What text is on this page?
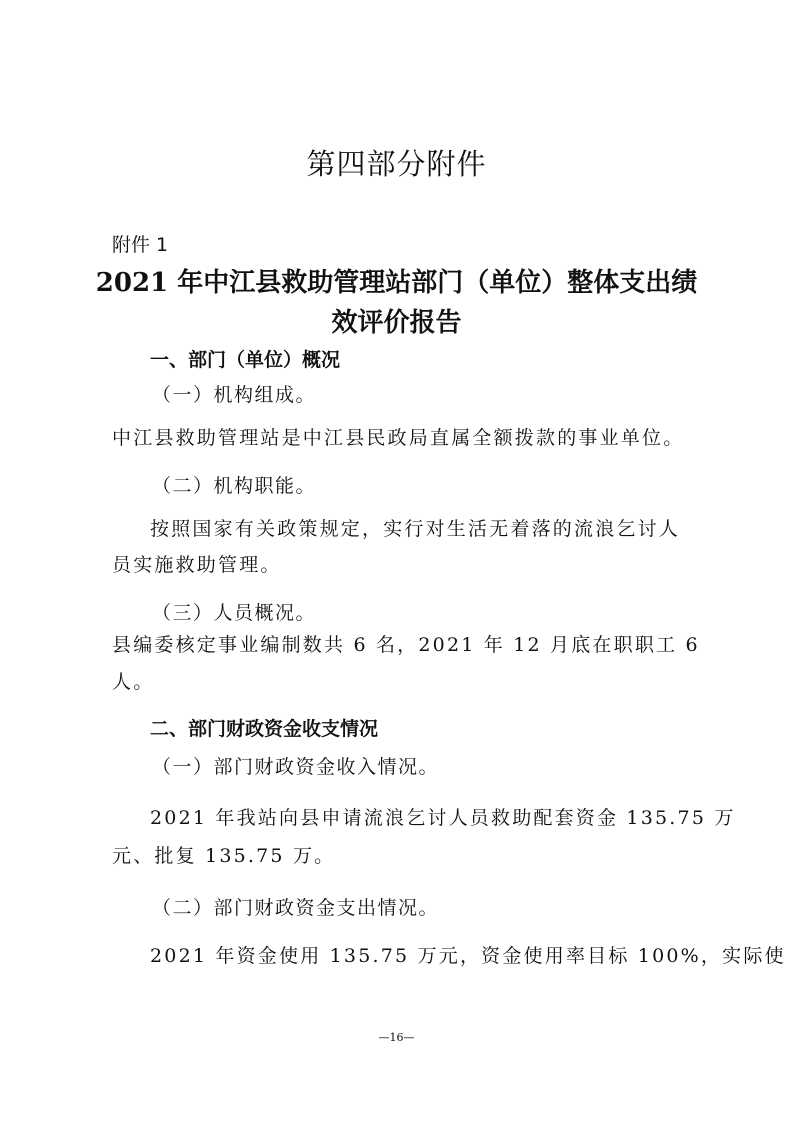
第四部分附件
附件 1
2021 年中江县救助管理站部门（单位）整体支出绩
效评价报告
一、部门（单位）概况
（一）机构组成。
中江县救助管理站是中江县民政局直属全额拨款的事业单位。
（二）机构职能。
按照国家有关政策规定，实行对生活无着落的流浪乞讨人
员实施救助管理。
（三）人员概况。
县编委核定事业编制数共 6 名，2021 年 12 月底在职职工 6
人。
二、部门财政资金收支情况
（一）部门财政资金收入情况。
2021 年我站向县申请流浪乞讨人员救助配套资金 135.75 万
元、批复 135.75 万。
（二）部门财政资金支出情况。
2021 年资金使用 135.75 万元，资金使用率目标 100%，实际使
—16—
